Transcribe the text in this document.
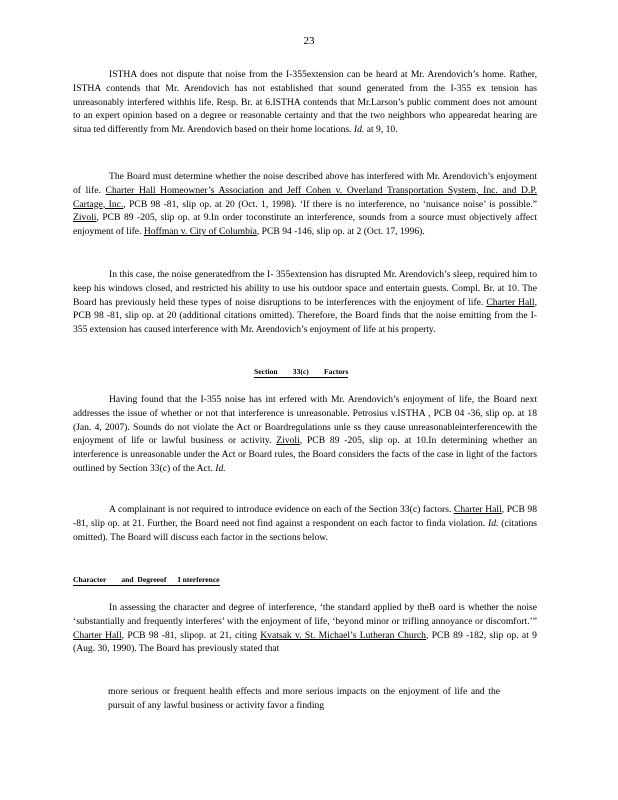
23

ISTHA does not dispute that noise from the I-355extension can be heard at Mr. Arendovich’s home. Rather, ISTHA contends that Mr. Arendovich has not established that sound generated from the I-355 ex tension has unreasonably interfered withhis life. Resp. Br. at 6.ISTHA contends that Mr.Larson’s public comment does not amount to an expert opinion based on a degree or reasonable certainty and that the two neighbors who appearedat hearing are situa ted differently from Mr. Arendovich based on their home locations. Id. at 9, 10.

The Board must determine whether the noise described above has interfered with Mr. Arendovich’s enjoyment of life. Charter Hall Homeowner’s Association and Jeff Cohen v. Overland Transportation System, Inc. and D.P. Cartage, Inc., PCB 98 -81, slip op. at 20 (Oct. 1, 1998). ‘If there is no interference, no ‘nuisance noise’ is possible.” Zivoli, PCB 89 -205, slip op. at 9.In order toconstitute an interference, sounds from a source must objectively affect enjoyment of life. Hoffman v. City of Columbia, PCB 94 -146, slip op. at 2 (Oct. 17, 1996).

In this case, the noise generatedfrom the I- 355extension has disrupted Mr. Arendovich’s sleep, required him to keep his windows closed, and restricted his ability to use his outdoor space and entertain guests. Compl. Br. at 10. The Board has previously held these types of noise disruptions to be interferences with the enjoyment of life. Charter Hall, PCB 98 -81, slip op. at 20 (additional citations omitted). Therefore, the Board finds that the noise emitting from the I-355 extension has caused interference with Mr. Arendovich’s enjoyment of life at his property.

Section        33(c)        Factors

Having found that the I-355 noise has int erfered with Mr. Arendovich’s enjoyment of life, the Board next addresses the issue of whether or not that interference is unreasonable. Petrosius v.ISTHA , PCB 04 -36, slip op. at 18 (Jan. 4, 2007). Sounds do not violate the Act or Boardregulations unle ss they cause unreasonableinterferencewith the enjoyment of life or lawful business or activity. Zivoli, PCB 89 -205, slip op. at 10.In determining whether an interference is unreasonable under the Act or Board rules, the Board considers the facts of the case in light of the factors outlined by Section 33(c) of the Act. Id.

A complainant is not required to introduce evidence on each of the Section 33(c) factors. Charter Hall, PCB 98 -81, slip op. at 21. Further, the Board need not find against a respondent on each factor to finda violation. Id. (citations omitted). The Board will discuss each factor in the sections below.

Character        and  Degreeof      I nterference

In assessing the character and degree of interference, ‘the standard applied by theB oard is whether the noise ‘substantially and frequently interferes’ with the enjoyment of life, ‘beyond minor or trifling annoyance or discomfort.’” Charter Hall, PCB 98 -81, slipop. at 21, citing Kvatsak v. St. Michael’s Lutheran Church, PCB 89 -182, slip op. at 9 (Aug. 30, 1990). The Board has previously stated that

more serious or frequent health effects and more serious impacts on the enjoyment of life and the pursuit of any lawful business or activity favor a finding
